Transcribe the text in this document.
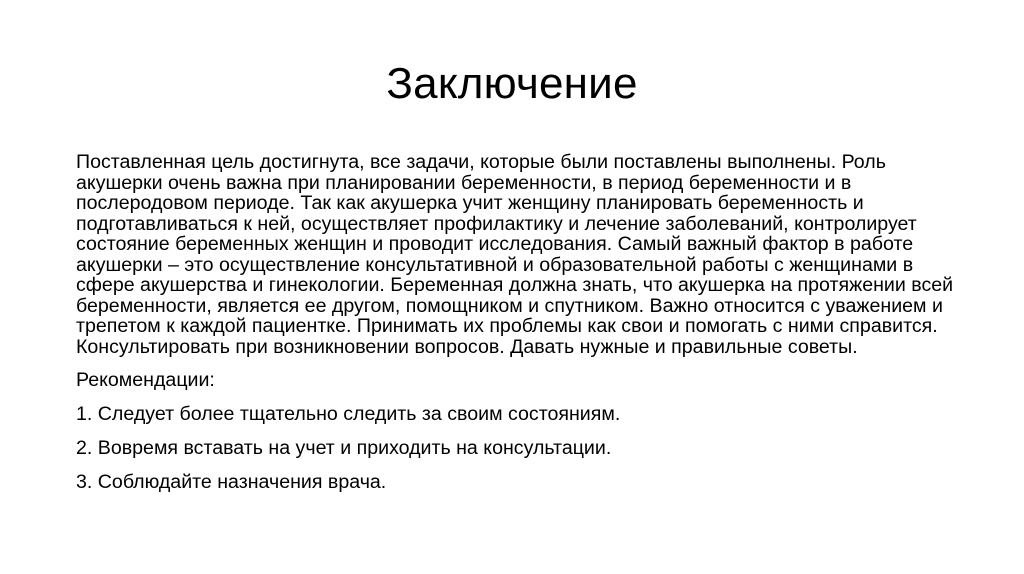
Заключение

Поставленная цель достигнута, все задачи, которые были поставлены выполнены. Роль акушерки очень важна при планировании беременности, в период беременности и в послеродовом периоде. Так как акушерка учит женщину планировать беременность и подготавливаться к ней, осуществляет профилактику и лечение заболеваний, контролирует состояние беременных женщин и проводит исследования. Самый важный фактор в работе акушерки – это осуществление консультативной и образовательной работы с женщинами в сфере акушерства и гинекологии. Беременная должна знать, что акушерка на протяжении всей беременности, является ее другом, помощником и спутником. Важно относится с уважением и трепетом к каждой пациентке. Принимать их проблемы как свои и помогать с ними справится. Консультировать при возникновении вопросов. Давать нужные и правильные советы.

Рекомендации:

1. Следует более тщательно следить за своим состояниям.

2. Вовремя вставать на учет и приходить на консультации.

3. Соблюдайте назначения врача.
